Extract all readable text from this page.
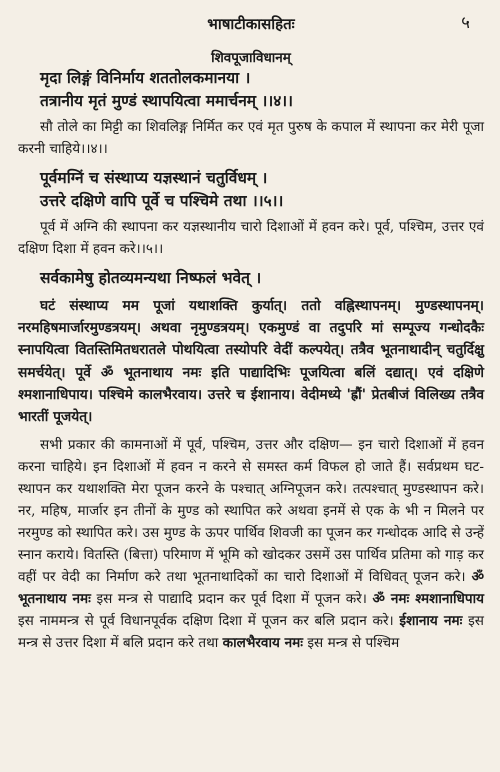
भाषाटीकासहितः	५
शिवपूजाविधानम्
मृदा लिङ्गं विनिर्माय शततोलकमानया ।
तत्रानीय मृतं मुण्डं स्थापयित्वा ममार्चनम् ।।४।।
सौ तोले का मिट्टी का शिवलिङ्ग निर्मित कर एवं मृत पुरुष के कपाल में स्थापना कर मेरी पूजा करनी चाहिये।।४।।
पूर्वमग्निं च संस्थाप्य यज्ञस्थानं चतुर्विधम् ।
उत्तरे दक्षिणे वापि पूर्वे च पश्चिमे तथा ।।५।।
पूर्व में अग्नि की स्थापना कर यज्ञस्थानीय चारो दिशाओं में हवन करे। पूर्व, पश्चिम, उत्तर एवं दक्षिण दिशा में हवन करे।।५।।
सर्वकामेषु होतव्यमन्यथा निष्फलं भवेत् ।
घटं संस्थाप्य मम पूजां यथाशक्ति कुर्यात्। ततो वह्निस्थापनम्। मुण्डस्थापनम्। नरमहिषमार्जारमुण्डत्रयम्। अथवा नृमुण्डत्रयम्। एकमुण्डं वा तदुपरि मां सम्पूज्य गन्धोदकैः स्नापयित्वा वितस्तिमितधरातले पोथयित्वा तस्योपरि वेदीं कल्पयेत्। तत्रैव भूतनाथादीन् चतुर्दिक्षु समर्चयेत्। पूर्वे ॐ भूतनाथाय नमः इति पाद्यादिभिः पूजयित्वा बलिं दद्यात्। एवं दक्षिणे श्मशानाधिपाय। पश्चिमे कालभैरवाय। उत्तरे च ईशानाय। वेदीमध्ये 'ह्रौं' प्रेतबीजं विलिख्य तत्रैव भारतीं पूजयेत्।
सभी प्रकार की कामनाओं में पूर्व, पश्चिम, उत्तर और दक्षिण— इन चारो दिशाओं में हवन करना चाहिये। इन दिशाओं में हवन न करने से समस्त कर्म विफल हो जाते हैं। सर्वप्रथम घट-स्थापन कर यथाशक्ति मेरा पूजन करने के पश्चात् अग्निपूजन करे। तत्पश्चात् मुण्डस्थापन करे। नर, महिष, मार्जार इन तीनों के मुण्ड को स्थापित करे अथवा इनमें से एक के भी न मिलने पर नरमुण्ड को स्थापित करे। उस मुण्ड के ऊपर पार्थिव शिवजी का पूजन कर गन्धोदक आदि से उन्हें स्नान कराये। वितस्ति (बित्ता) परिमाण में भूमि को खोदकर उसमें उस पार्थिव प्रतिमा को गाड़ कर वहीं पर वेदी का निर्माण करे तथा भूतनाथादिकों का चारो दिशाओं में विधिवत् पूजन करे। ॐ भूतनाथाय नमः इस मन्त्र से पाद्यादि प्रदान कर पूर्व दिशा में पूजन करे। ॐ नमः श्मशानाधिपाय इस नाममन्त्र से पूर्व विधानपूर्वक दक्षिण दिशा में पूजन कर बलि प्रदान करे। ईशानाय नमः इस मन्त्र से उत्तर दिशा में बलि प्रदान करे तथा कालभैरवाय नमः इस मन्त्र से पश्चिम
